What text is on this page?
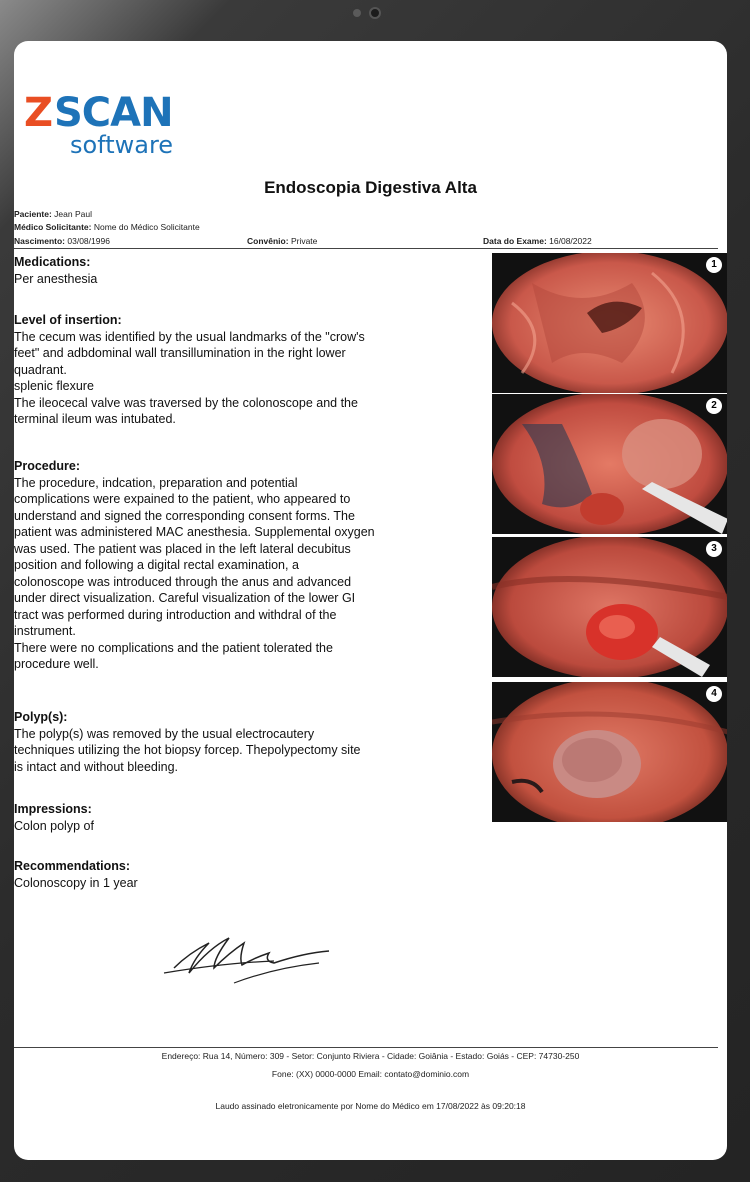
Z SCAN
software
Endoscopia Digestiva Alta
Paciente: Jean Paul
Médico Solicitante: Nome do Médico Solicitante
Nascimento: 03/08/1996	Convênio: Private	Data do Exame: 16/08/2022
Medications:

Per anesthesia

Level of insertion:

The cecum was identified by the usual landmarks of the "crow's

feet" and adbdominal wall transillumination in the right lower

quadrant.

splenic flexure

The ileocecal valve was traversed by the colonoscope and the

terminal ileum was intubated.

Procedure:

The procedure, indcation, preparation and potential

complications were expained to the patient, who appeared to

understand and signed the corresponding consent forms. The

patient was administered MAC anesthesia. Supplemental oxygen

was used. The patient was placed in the left lateral decubitus

position and following a digital rectal examination, a

colonoscope was introduced through the anus and advanced

under direct visualization. Careful visualization of the lower GI

tract was performed during introduction and withdral of the

instrument.

There were no complications and the patient tolerated the

procedure well.

Polyp(s):

The polyp(s) was removed by the usual electrocautery

techniques utilizing the hot biopsy forcep. Thepolypectomy site

is intact and without bleeding.

Impressions:

Colon polyp of

Recommendations:

Colonoscopy in 1 year

1
2
3
4
Endereço: Rua 14, Número: 309 - Setor: Conjunto Riviera - Cidade: Goiânia - Estado: Goiás - CEP: 74730-250
Fone: (XX) 0000-0000 Email: contato@dominio.com
Laudo assinado eletronicamente por Nome do Médico em 17/08/2022 às 09:20:18
